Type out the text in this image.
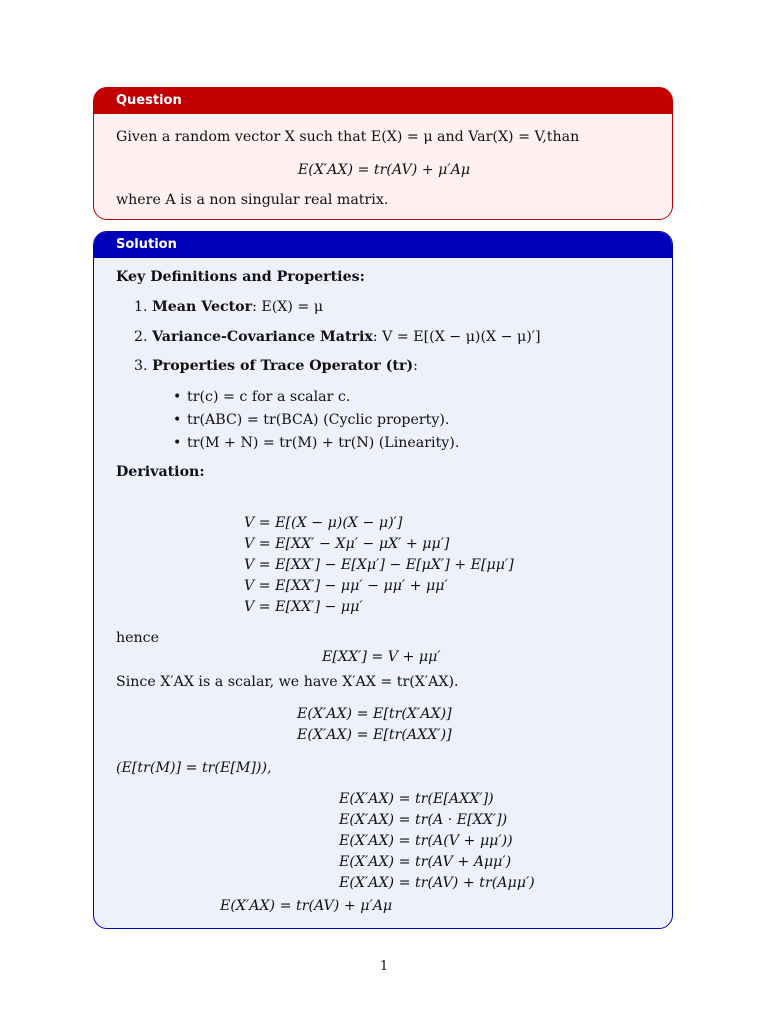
Question
Given a random vector X such that E(X) = μ and Var(X) = V,than
E(X′AX) = tr(AV) + μ′Aμ
where A is a non singular real matrix.
Solution
Key Definitions and Properties:
1. Mean Vector: E(X) = μ
2. Variance-Covariance Matrix: V = E[(X − μ)(X − μ)′]
3. Properties of Trace Operator (tr):
• tr(c) = c for a scalar c.
• tr(ABC) = tr(BCA) (Cyclic property).
• tr(M + N) = tr(M) + tr(N) (Linearity).
Derivation:
V = E[(X − μ)(X − μ)′]
V = E[XX′ − Xμ′ − μX′ + μμ′]
V = E[XX′] − E[Xμ′] − E[μX′] + E[μμ′]
V = E[XX′] − μμ′ − μμ′ + μμ′
V = E[XX′] − μμ′
hence
E[XX′] = V + μμ′
Since X′AX is a scalar, we have X′AX = tr(X′AX).
E(X′AX) = E[tr(X′AX)]
E(X′AX) = E[tr(AXX′)]
(E[tr(M)] = tr(E[M])),
E(X′AX) = tr(E[AXX′])
E(X′AX) = tr(A · E[XX′])
E(X′AX) = tr(A(V + μμ′))
E(X′AX) = tr(AV + Aμμ′)
E(X′AX) = tr(AV) + tr(Aμμ′)
E(X′AX) = tr(AV) + μ′Aμ
1
